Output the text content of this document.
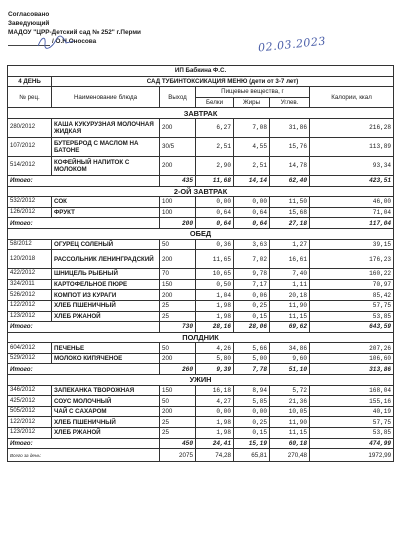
Согласовано
Заведующий
МАДОУ "ЦРР-Детский сад № 252" г.Перми
/ О.Н.Оносова	02.03.2023
ИП Бабкина Ф.С.						
4 ДЕНЬ	САД ТУБИНТОКСИКАЦИЯ МЕНЮ (дети от 3-7 лет)					
№ рец.	Наименование блюда	Выход	Пищевые вещества, г			Калории, ккал
			Белки	Жиры	Углев.	
ЗАВТРАК						
280/2012	КАША КУКУРУЗНАЯ МОЛОЧНАЯ ЖИДКАЯ	200	6,27	7,08	31,86	216,28
107/2012	БУТЕРБРОД С МАСЛОМ НА БАТОНЕ	30/5	2,51	4,55	15,76	113,89
514/2012	КОФЕЙНЫЙ НАПИТОК С МОЛОКОМ	200	2,90	2,51	14,78	93,34
Итого:		435	11,68	14,14	62,40	423,51
2-ОЙ ЗАВТРАК						
532/2012	СОК	100	0,00	0,00	11,50	46,00
126/2012	ФРУКТ	100	0,64	0,64	15,68	71,04
Итого:		200	0,64	0,64	27,18	117,04
ОБЕД						
58/2012	ОГУРЕЦ СОЛЕНЫЙ	50	0,36	3,63	1,27	39,15
120/2018	РАССОЛЬНИК ЛЕНИНГРАДСКИЙ	200	11,65	7,02	16,61	176,23
422/2012	ШНИЦЕЛЬ РЫБНЫЙ	70	10,65	9,78	7,40	160,22
324/2011	КАРТОФЕЛЬНОЕ ПЮРЕ	150	0,50	7,17	1,11	70,97
526/2012	КОМПОТ ИЗ КУРАГИ	200	1,04	0,06	20,18	85,42
122/2012	ХЛЕБ ПШЕНИЧНЫЙ	25	1,98	0,25	11,90	57,75
123/2012	ХЛЕБ РЖАНОЙ	25	1,98	0,15	11,15	53,85
Итого:		730	28,16	28,06	69,62	643,59
ПОЛДНИК						
604/2012	ПЕЧЕНЬЕ	50	4,26	5,66	34,86	207,26
529/2012	МОЛОКО КИПЯЧЕНОЕ	200	5,80	5,00	9,60	106,60
Итого:		260	9,39	7,78	51,10	313,86
УЖИН						
346/2012	ЗАПЕКАНКА ТВОРОЖНАЯ	150	16,18	8,94	5,72	168,04
425/2012	СОУС МОЛОЧНЫЙ	50	4,27	5,85	21,36	155,16
505/2012	ЧАЙ С САХАРОМ	200	0,00	0,00	10,05	40,19
122/2012	ХЛЕБ ПШЕНИЧНЫЙ	25	1,98	0,25	11,90	57,75
123/2012	ХЛЕБ РЖАНОЙ	25	1,98	0,15	11,15	53,85
Итого:		450	24,41	15,19	60,18	474,99
Всего за день:		2075	74,28	65,81	270,48	1972,99
